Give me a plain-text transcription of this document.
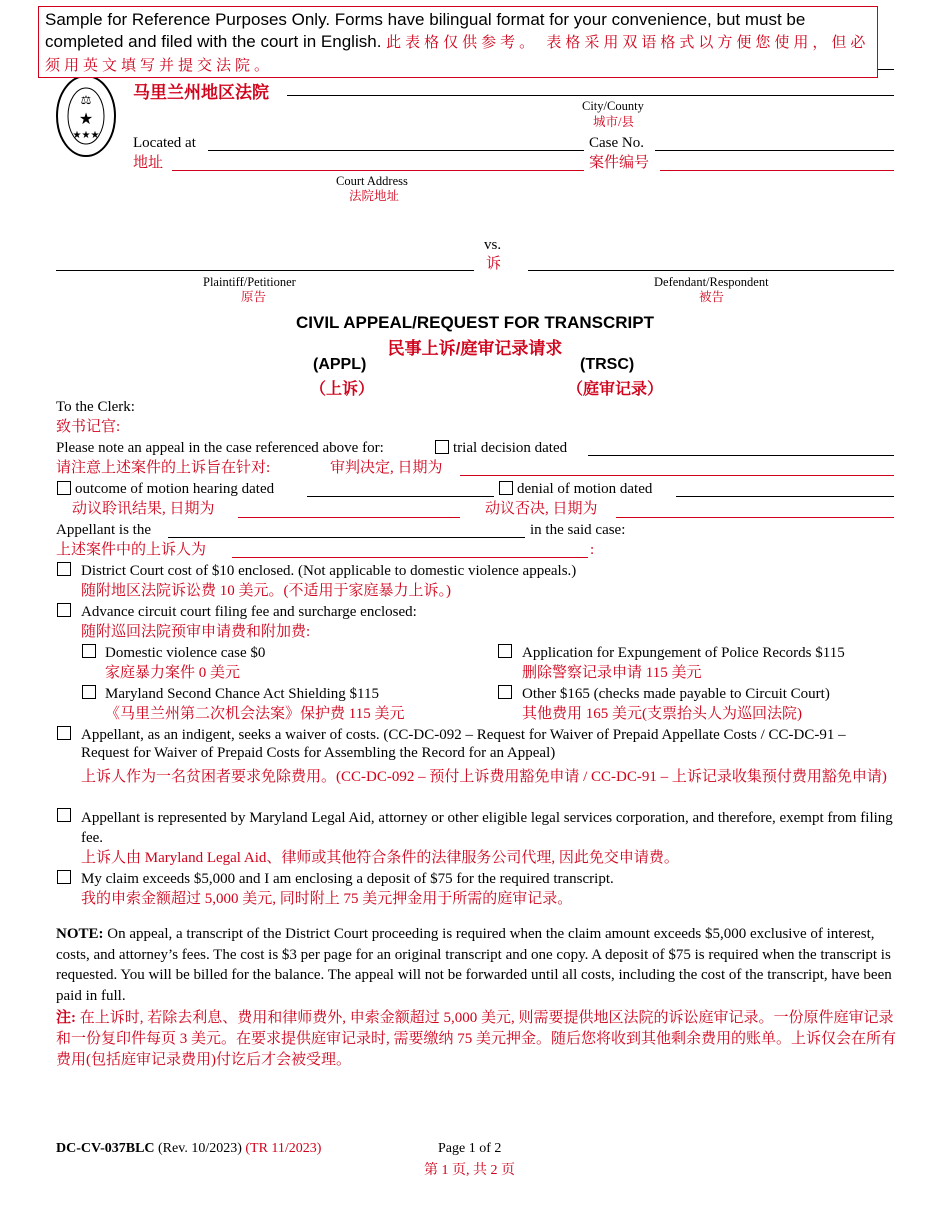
Sample for Reference Purposes Only. Forms have bilingual format for your convenience, but must be completed and filed with the court in English. 此表格仅供参考。 表格采用双语格式以方便您使用，但必须用英文填写并提交法院。
★
★★★
⚖ 马里兰州地区法院
City/County
城市/县
Located at	Case No.
地址	案件编号
Court Address
法院地址
vs.
诉
Plaintiff/Petitioner
原告
Defendant/Respondent
被告
CIVIL APPEAL/REQUEST FOR TRANSCRIPT
民事上诉/庭审记录请求
(APPL)
（上诉）
(TRSC)
（庭审记录）
To the Clerk:
致书记官:
Please note an appeal in the case referenced above for:	trial decision dated
请注意上述案件的上诉旨在针对:	审判决定, 日期为
outcome of motion hearing dated	denial of motion dated
动议聆讯结果, 日期为	动议否决, 日期为
Appellant is the	in the said case:
上述案件中的上诉人为	:
District Court cost of $10 enclosed. (Not applicable to domestic violence appeals.)
随附地区法院诉讼费 10 美元。(不适用于家庭暴力上诉。)
Advance circuit court filing fee and surcharge enclosed:
随附巡回法院预审申请费和附加费:
Domestic violence case $0
家庭暴力案件 0 美元
Application for Expungement of Police Records $115
删除警察记录申请 115 美元
Maryland Second Chance Act Shielding $115
《马里兰州第二次机会法案》保护费 115 美元
Other $165 (checks made payable to Circuit Court)
其他费用 165 美元(支票抬头人为巡回法院)
Appellant, as an indigent, seeks a waiver of costs. (CC-DC-092 – Request for Waiver of Prepaid Appellate Costs / CC-DC-91 – Request for Waiver of Prepaid Costs for Assembling the Record for an Appeal)
上诉人作为一名贫困者要求免除费用。(CC-DC-092 – 预付上诉费用豁免申请 / CC-DC-91 – 上诉记录收集预付费用豁免申请)
Appellant is represented by Maryland Legal Aid, attorney or other eligible legal services corporation, and therefore, exempt from filing fee.
上诉人由 Maryland Legal Aid、律师或其他符合条件的法律服务公司代理, 因此免交申请费。
My claim exceeds $5,000 and I am enclosing a deposit of $75 for the required transcript.
我的申索金额超过 5,000 美元, 同时附上 75 美元押金用于所需的庭审记录。
NOTE: On appeal, a transcript of the District Court proceeding is required when the claim amount exceeds $5,000 exclusive of interest, costs, and attorney’s fees. The cost is $3 per page for an original transcript and one copy. A deposit of $75 is required when the transcript is requested. You will be billed for the balance. The appeal will not be forwarded until all costs, including the cost of the transcript, have been paid in full.
注: 在上诉时, 若除去利息、费用和律师费外, 申索金额超过 5,000 美元, 则需要提供地区法院的诉讼庭审记录。一份原件庭审记录和一份复印件每页 3 美元。在要求提供庭审记录时, 需要缴纳 75 美元押金。随后您将收到其他剩余费用的账单。上诉仅会在所有费用(包括庭审记录费用)付讫后才会被受理。
DC-CV-037BLC (Rev. 10/2023) (TR 11/2023)	Page 1 of 2
第 1 页, 共 2 页
